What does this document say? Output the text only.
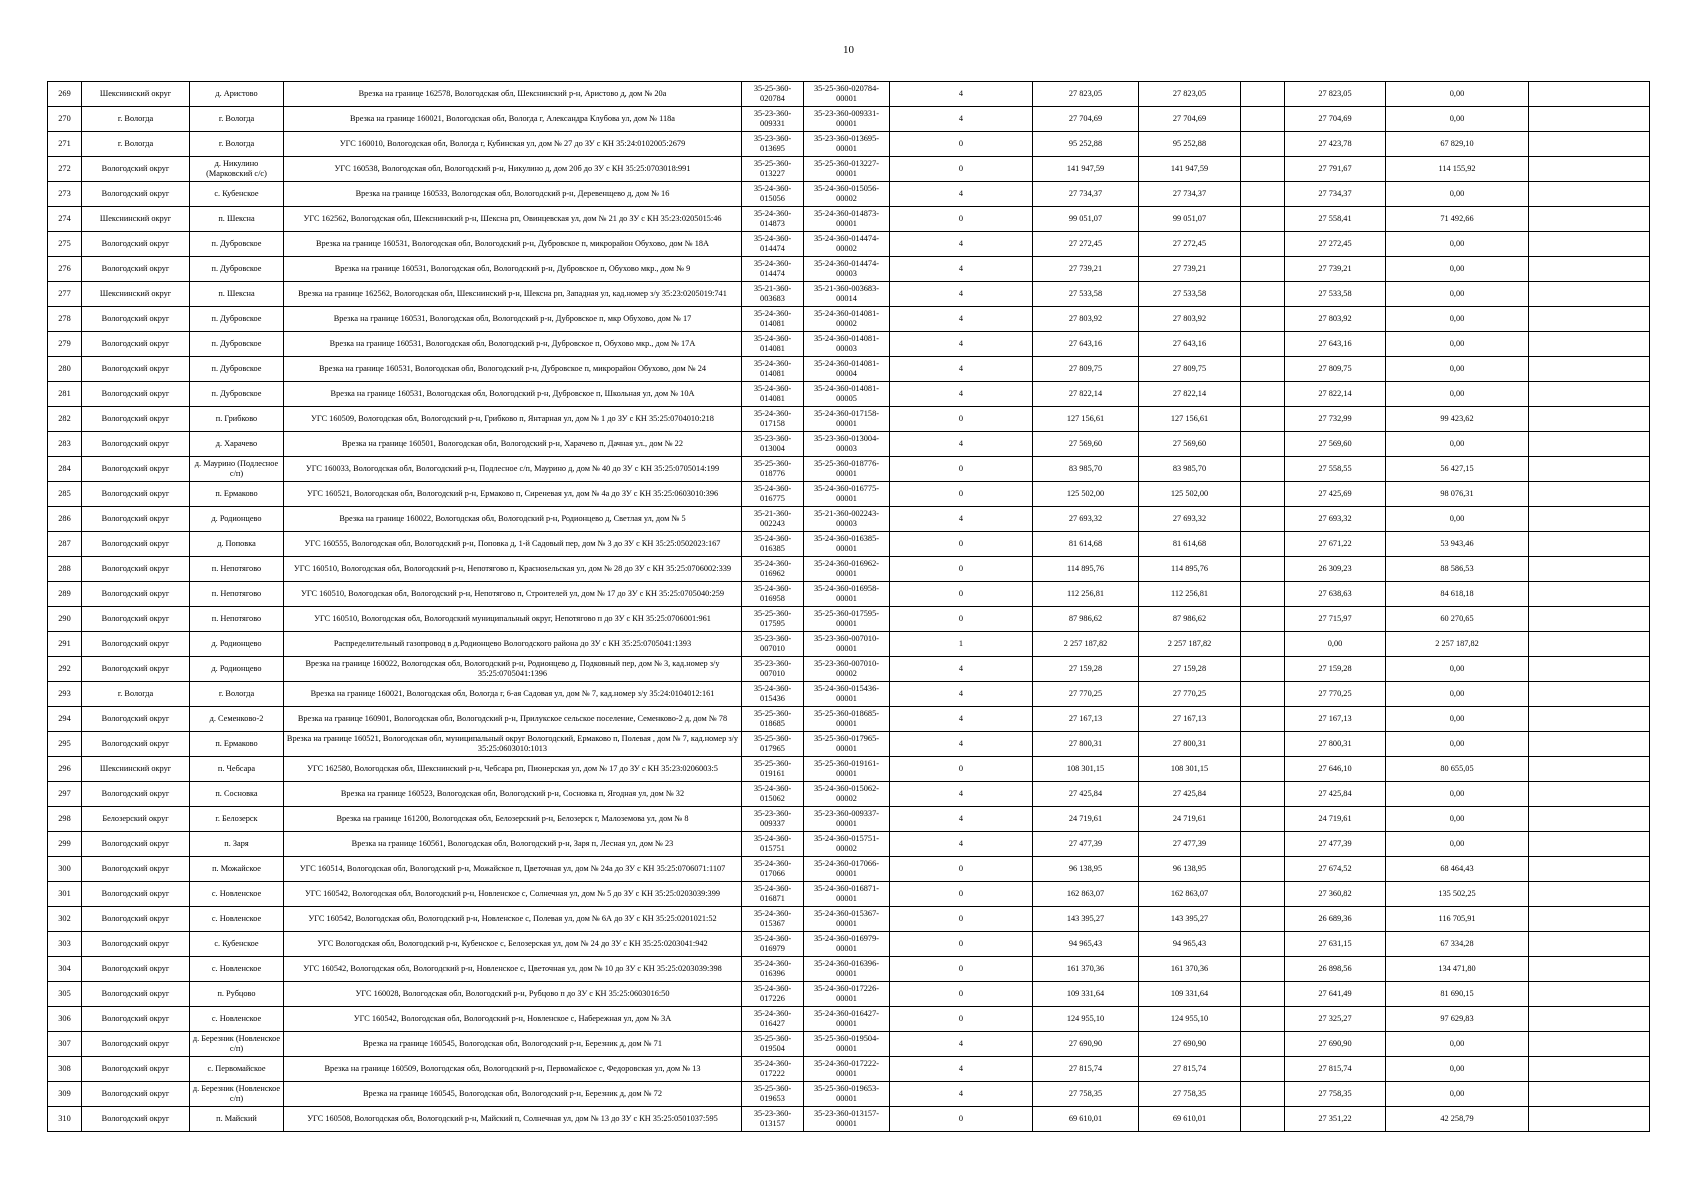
10
269	Шекснинский округ	д. Аристово	Врезка на границе 162578, Вологодская обл, Шекснинский р-н, Аристово д, дом № 20а	35-25-360-020784	35-25-360-020784-00001	4	27 823,05	27 823,05		27 823,05	0,00	
270	г. Вологда	г. Вологда	Врезка на границе 160021, Вологодская обл, Вологда г, Александра Клубова ул, дом № 118а	35-23-360-009331	35-23-360-009331-00001	4	27 704,69	27 704,69		27 704,69	0,00	
271	г. Вологда	г. Вологда	УГС 160010, Вологодская обл, Вологда г, Кубинская ул, дом № 27 до ЗУ с КН 35:24:0102005:2679	35-23-360-013695	35-23-360-013695-00001	0	95 252,88	95 252,88		27 423,78	67 829,10	
272	Вологодский округ	д. Никулино (Марковский с/с)	УГС 160538, Вологодская обл, Вологодский р-н, Никулино д, дом 20б до ЗУ с КН 35:25:0703018:991	35-25-360-013227	35-25-360-013227-00001	0	141 947,59	141 947,59		27 791,67	114 155,92	
273	Вологодский округ	с. Кубенское	Врезка на границе 160533, Вологодская обл, Вологодский р-н, Деревенщево д, дом № 16	35-24-360-015056	35-24-360-015056-00002	4	27 734,37	27 734,37		27 734,37	0,00	
274	Шекснинский округ	п. Шексна	УГС 162562, Вологодская обл, Шекснинский р-н, Шексна рп, Овинцевская ул, дом № 21 до ЗУ с КН 35:23:0205015:46	35-24-360-014873	35-24-360-014873-00001	0	99 051,07	99 051,07		27 558,41	71 492,66	
275	Вологодский округ	п. Дубровское	Врезка на границе 160531, Вологодская обл, Вологодский р-н, Дубровское п, микрорайон Обухово, дом № 18А	35-24-360-014474	35-24-360-014474-00002	4	27 272,45	27 272,45		27 272,45	0,00	
276	Вологодский округ	п. Дубровское	Врезка на границе 160531, Вологодская обл, Вологодский р-н, Дубровское п, Обухово мкр., дом № 9	35-24-360-014474	35-24-360-014474-00003	4	27 739,21	27 739,21		27 739,21	0,00	
277	Шекснинский округ	п. Шексна	Врезка на границе 162562, Вологодская обл, Шекснинский р-н, Шексна рп, Западная ул, кад.номер з/у 35:23:0205019:741	35-21-360-003683	35-21-360-003683-00014	4	27 533,58	27 533,58		27 533,58	0,00	
278	Вологодский округ	п. Дубровское	Врезка на границе 160531, Вологодская обл, Вологодский р-н, Дубровское п, мкр Обухово, дом № 17	35-24-360-014081	35-24-360-014081-00002	4	27 803,92	27 803,92		27 803,92	0,00	
279	Вологодский округ	п. Дубровское	Врезка на границе 160531, Вологодская обл, Вологодский р-н, Дубровское п, Обухово мкр., дом № 17А	35-24-360-014081	35-24-360-014081-00003	4	27 643,16	27 643,16		27 643,16	0,00	
280	Вологодский округ	п. Дубровское	Врезка на границе 160531, Вологодская обл, Вологодский р-н, Дубровское п, микрорайон Обухово, дом № 24	35-24-360-014081	35-24-360-014081-00004	4	27 809,75	27 809,75		27 809,75	0,00	
281	Вологодский округ	п. Дубровское	Врезка на границе 160531, Вологодская обл, Вологодский р-н, Дубровское п, Школьная ул, дом № 10А	35-24-360-014081	35-24-360-014081-00005	4	27 822,14	27 822,14		27 822,14	0,00	
282	Вологодский округ	п. Грибково	УГС 160509, Вологодская обл, Вологодский р-н, Грибково п, Янтарная ул, дом № 1 до ЗУ с КН 35:25:0704010:218	35-24-360-017158	35-24-360-017158-00001	0	127 156,61	127 156,61		27 732,99	99 423,62	
283	Вологодский округ	д. Харачево	Врезка на границе 160501, Вологодская обл, Вологодский р-н, Харачево п, Дачная ул., дом № 22	35-23-360-013004	35-23-360-013004-00003	4	27 569,60	27 569,60		27 569,60	0,00	
284	Вологодский округ	д. Маурино (Подлесное с/п)	УГС 160033, Вологодская обл, Вологодский р-н, Подлесное с/п, Маурино д, дом № 40 до ЗУ с КН 35:25:0705014:199	35-25-360-018776	35-25-360-018776-00001	0	83 985,70	83 985,70		27 558,55	56 427,15	
285	Вологодский округ	п. Ермаково	УГС 160521, Вологодская обл, Вологодский р-н, Ермаково п, Сиреневая ул, дом № 4а до ЗУ с КН 35:25:0603010:396	35-24-360-016775	35-24-360-016775-00001	0	125 502,00	125 502,00		27 425,69	98 076,31	
286	Вологодский округ	д. Родионцево	Врезка на границе 160022, Вологодская обл, Вологодский р-н, Родионцево д, Светлая ул, дом № 5	35-21-360-002243	35-21-360-002243-00003	4	27 693,32	27 693,32		27 693,32	0,00	
287	Вологодский округ	д. Поповка	УГС 160555, Вологодская обл, Вологодский р-н, Поповка д, 1-й Садовый пер, дом № 3 до ЗУ с КН 35:25:0502023:167	35-24-360-016385	35-24-360-016385-00001	0	81 614,68	81 614,68		27 671,22	53 943,46	
288	Вологодский округ	п. Непотягово	УГС 160510, Вологодская обл, Вологодский р-н, Непотягово п, Краснosельская ул, дом № 28 до ЗУ с КН 35:25:0706002:339	35-24-360-016962	35-24-360-016962-00001	0	114 895,76	114 895,76		26 309,23	88 586,53	
289	Вологодский округ	п. Непотягово	УГС 160510, Вологодская обл, Вологодский р-н, Непотягово п, Строителей ул, дом № 17 до ЗУ с КН 35:25:0705040:259	35-24-360-016958	35-24-360-016958-00001	0	112 256,81	112 256,81		27 638,63	84 618,18	
290	Вологодский округ	п. Непотягово	УГС 160510, Вологодская обл, Вологодский муниципальный округ, Непотягово п до ЗУ с КН 35:25:0706001:961	35-25-360-017595	35-25-360-017595-00001	0	87 986,62	87 986,62		27 715,97	60 270,65	
291	Вологодский округ	д. Родионцево	Распределительный газопровод в д.Родионцево Вологодского района до ЗУ с КН 35:25:0705041:1393	35-23-360-007010	35-23-360-007010-00001	1	2 257 187,82	2 257 187,82		0,00	2 257 187,82	
292	Вологодский округ	д. Родионцево	Врезка на границе 160022, Вологодская обл, Вологодский р-н, Родионцево д, Подковный пер, дом № 3, кад.номер з/у 35:25:0705041:1396	35-23-360-007010	35-23-360-007010-00002	4	27 159,28	27 159,28		27 159,28	0,00	
293	г. Вологда	г. Вологда	Врезка на границе 160021, Вологодская обл, Вологда г, 6-ая Садовая ул, дом № 7, кад.номер з/у 35:24:0104012:161	35-24-360-015436	35-24-360-015436-00001	4	27 770,25	27 770,25		27 770,25	0,00	
294	Вологодский округ	д. Семенково-2	Врезка на границе 160901, Вологодская обл, Вологодский р-н, Прилукское сельское поселение, Семенково-2 д, дом № 78	35-25-360-018685	35-25-360-018685-00001	4	27 167,13	27 167,13		27 167,13	0,00	
295	Вологодский округ	п. Ермаково	Врезка на границе 160521, Вологодская обл, муниципальный округ Вологодский, Ермаково п, Полевая , дом № 7, кад.номер з/у 35:25:0603010:1013	35-25-360-017965	35-25-360-017965-00001	4	27 800,31	27 800,31		27 800,31	0,00	
296	Шекснинский округ	п. Чебсара	УГС 162580, Вологодская обл, Шекснинский р-н, Чебсара рп, Пионерская ул, дом № 17 до ЗУ с КН 35:23:0206003:5	35-25-360-019161	35-25-360-019161-00001	0	108 301,15	108 301,15		27 646,10	80 655,05	
297	Вологодский округ	п. Сосновка	Врезка на границе 160523, Вологодская обл, Вологодский р-н, Сосновка п, Ягодная ул, дом № 32	35-24-360-015062	35-24-360-015062-00002	4	27 425,84	27 425,84		27 425,84	0,00	
298	Белозерский округ	г. Белозерск	Врезка на границе 161200, Вологодская обл, Белозерский р-н, Белозерск г, Малоземова ул, дом № 8	35-23-360-009337	35-23-360-009337-00001	4	24 719,61	24 719,61		24 719,61	0,00	
299	Вологодский округ	п. Заря	Врезка на границе 160561, Вологодская обл, Вологодский р-н, Заря п, Лесная ул, дом № 23	35-24-360-015751	35-24-360-015751-00002	4	27 477,39	27 477,39		27 477,39	0,00	
300	Вологодский округ	п. Можайское	УГС 160514, Вологодская обл, Вологодский р-н, Можайское п, Цветочная ул, дом № 24а до ЗУ с КН 35:25:0706071:1107	35-24-360-017066	35-24-360-017066-00001	0	96 138,95	96 138,95		27 674,52	68 464,43	
301	Вологодский округ	с. Новленское	УГС 160542, Вологодская обл, Вологодский р-н, Новленское с, Солнечная ул, дом № 5 до ЗУ с КН 35:25:0203039:399	35-24-360-016871	35-24-360-016871-00001	0	162 863,07	162 863,07		27 360,82	135 502,25	
302	Вологодский округ	с. Новленское	УГС 160542, Вологодская обл, Вологодский р-н, Новленское с, Полевая ул, дом № 6А до ЗУ с КН 35:25:0201021:52	35-24-360-015367	35-24-360-015367-00001	0	143 395,27	143 395,27		26 689,36	116 705,91	
303	Вологодский округ	с. Кубенское	УГС Вологодская обл, Вологодский р-н, Кубенское с, Белозерская ул, дом № 24 до ЗУ с КН 35:25:0203041:942	35-24-360-016979	35-24-360-016979-00001	0	94 965,43	94 965,43		27 631,15	67 334,28	
304	Вологодский округ	с. Новленское	УГС 160542, Вологодская обл, Вологодский р-н, Новленское с, Цветочная ул, дом № 10 до ЗУ с КН 35:25:0203039:398	35-24-360-016396	35-24-360-016396-00001	0	161 370,36	161 370,36		26 898,56	134 471,80	
305	Вологодский округ	п. Рубцово	УГС 160028, Вологодская обл, Вологодский р-н, Рубцово п до ЗУ с КН 35:25:0603016:50	35-24-360-017226	35-24-360-017226-00001	0	109 331,64	109 331,64		27 641,49	81 690,15	
306	Вологодский округ	с. Новленское	УГС 160542, Вологодская обл, Вологодский р-н, Новленское с, Набережная ул, дом № 3А	35-24-360-016427	35-24-360-016427-00001	0	124 955,10	124 955,10		27 325,27	97 629,83	
307	Вологодский округ	д. Березник (Новленское с/п)	Врезка на границе 160545, Вологодская обл, Вологодский р-н, Березник д, дом № 71	35-25-360-019504	35-25-360-019504-00001	4	27 690,90	27 690,90		27 690,90	0,00	
308	Вологодский округ	с. Первомайское	Врезка на границе 160509, Вологодская обл, Вологодский р-н, Первомайское с, Федоровская ул, дом № 13	35-24-360-017222	35-24-360-017222-00001	4	27 815,74	27 815,74		27 815,74	0,00	
309	Вологодский округ	д. Березник (Новленское с/п)	Врезка на границе 160545, Вологодская обл, Вологодский р-н, Березник д, дом № 72	35-25-360-019653	35-25-360-019653-00001	4	27 758,35	27 758,35		27 758,35	0,00	
310	Вологодский округ	п. Майский	УГС 160508, Вологодская обл, Вологодский р-н, Майский п, Солнечная ул, дом № 13 до ЗУ с КН 35:25:0501037:595	35-23-360-013157	35-23-360-013157-00001	0	69 610,01	69 610,01		27 351,22	42 258,79	
